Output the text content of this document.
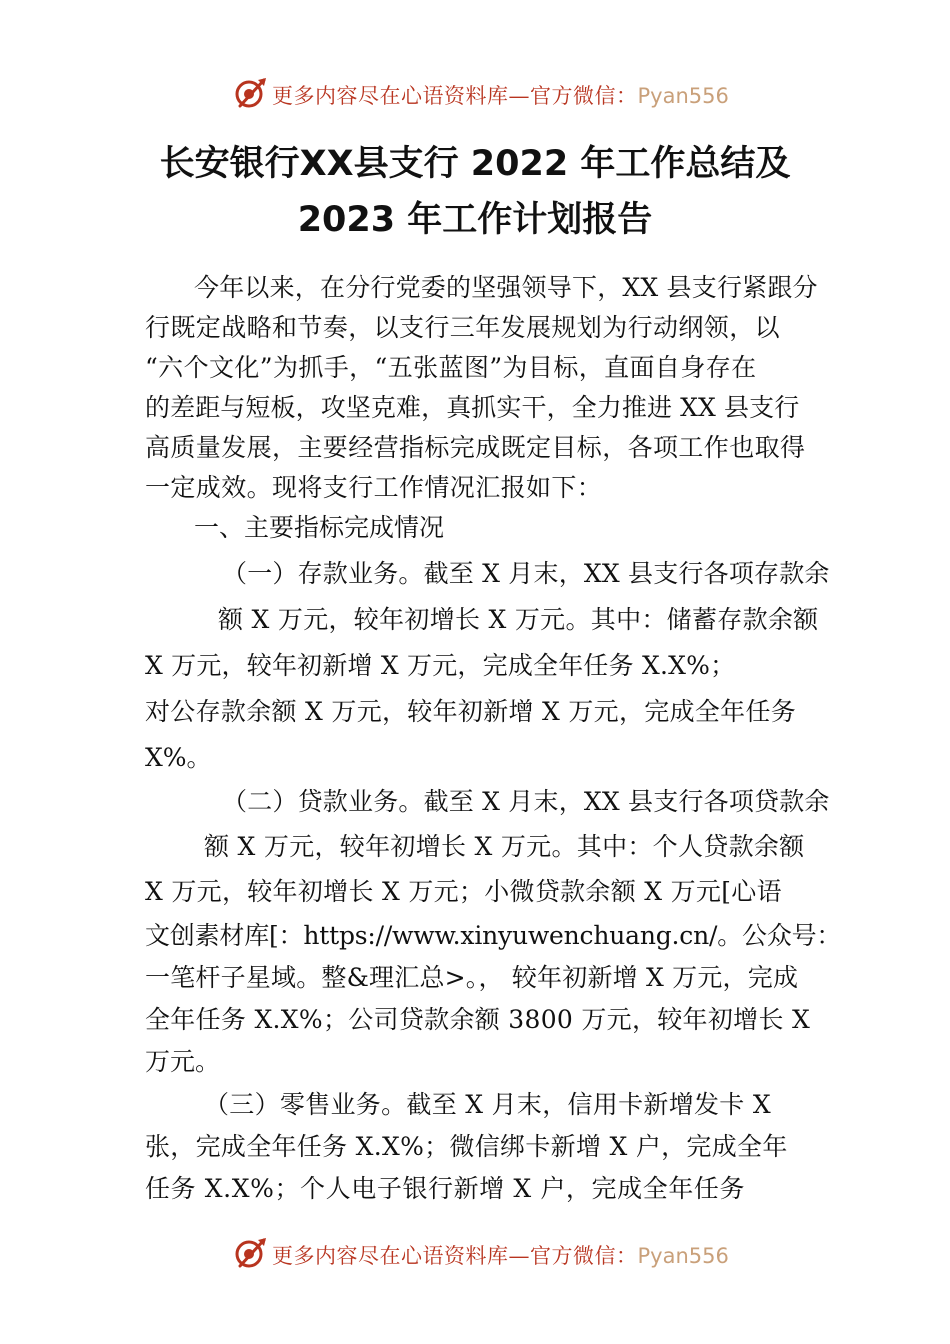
更多内容尽在心语资料库—官方微信：Pyan556
长安银行XX县支行 2022 年工作总结及
2023 年工作计划报告
今年以来，在分行党委的坚强领导下，XX 县支行紧跟分
行既定战略和节奏，以支行三年发展规划为行动纲领，以
“六个文化”为抓手，“五张蓝图”为目标，直面自身存在
的差距与短板，攻坚克难，真抓实干，全力推进 XX 县支行
高质量发展，主要经营指标完成既定目标，各项工作也取得
一定成效。现将支行工作情况汇报如下：
一、主要指标完成情况
（一）存款业务。截至 X 月末，XX 县支行各项存款余
额 X 万元，较年初增长 X 万元。其中：储蓄存款余额
X 万元，较年初新增 X 万元，完成全年任务 X.X%；
对公存款余额 X 万元，较年初新增 X 万元，完成全年任务
X%。
（二）贷款业务。截至 X 月末，XX 县支行各项贷款余
额 X 万元，较年初增长 X 万元。其中：个人贷款余额
X 万元，较年初增长 X 万元；小微贷款余额 X 万元[心语
文创素材库[：https://www.xinyuwenchuang.cn/。公众号：
一笔杆子星域。整&理汇总>。， 较年初新增 X 万元，完成
全年任务 X.X%；公司贷款余额 3800 万元，较年初增长 X
万元。
（三）零售业务。截至 X 月末，信用卡新增发卡 X
张，完成全年任务 X.X%；微信绑卡新增 X 户，完成全年
任务 X.X%；个人电子银行新增 X 户，完成全年任务
更多内容尽在心语资料库—官方微信：Pyan556
